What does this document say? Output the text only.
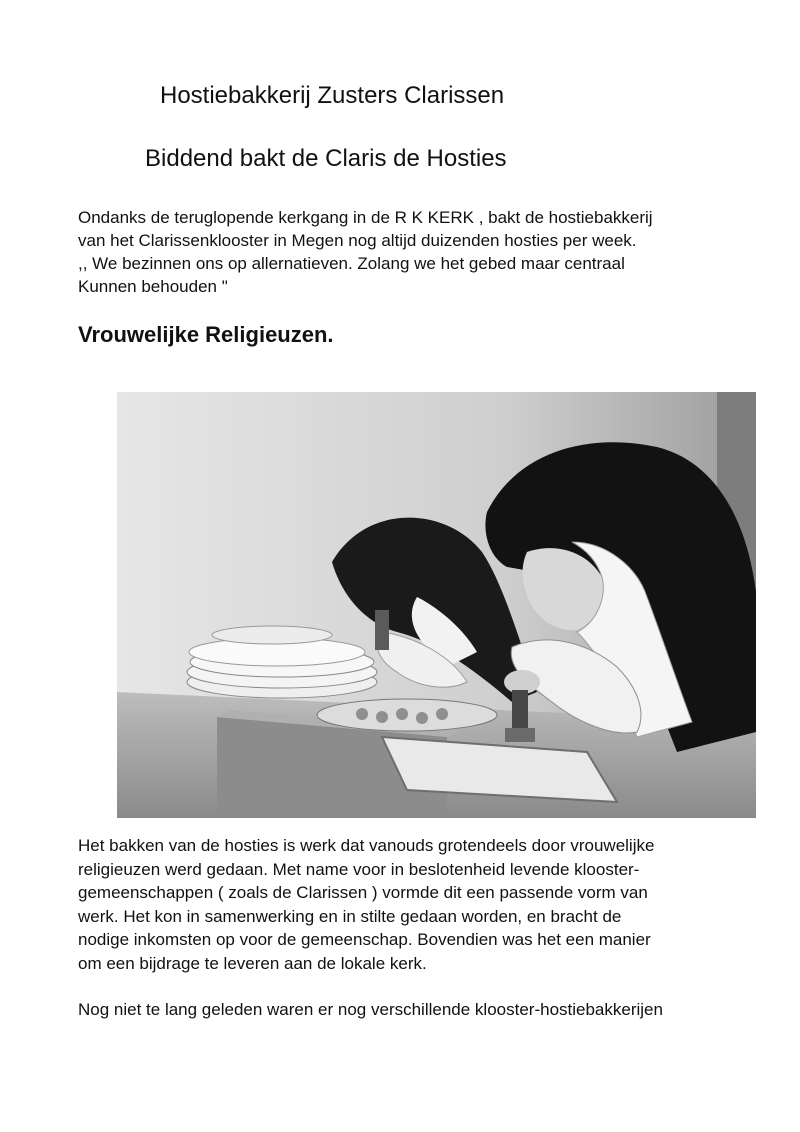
Hostiebakkerij Zusters Clarissen
Biddend bakt de Claris de Hosties

Ondanks de teruglopende kerkgang in de R K KERK , bakt de hostiebakkerij
van het Clarissenklooster in Megen nog altijd duizenden hosties per week.
,, We bezinnen ons op allernatieven. Zolang we het gebed maar centraal
Kunnen behouden "

Vrouwelijke Religieuzen.

Het bakken van de hosties is werk dat vanouds grotendeels door vrouwelijke
religieuzen werd gedaan. Met name voor in beslotenheid levende klooster-
gemeenschappen ( zoals de Clarissen ) vormde dit een passende vorm van
werk. Het kon in samenwerking en in stilte gedaan worden, en bracht de
nodige inkomsten op voor de gemeenschap. Bovendien was het een manier
om een bijdrage te leveren aan de lokale kerk.

Nog niet te lang geleden waren er nog verschillende klooster-hostiebakkerijen
